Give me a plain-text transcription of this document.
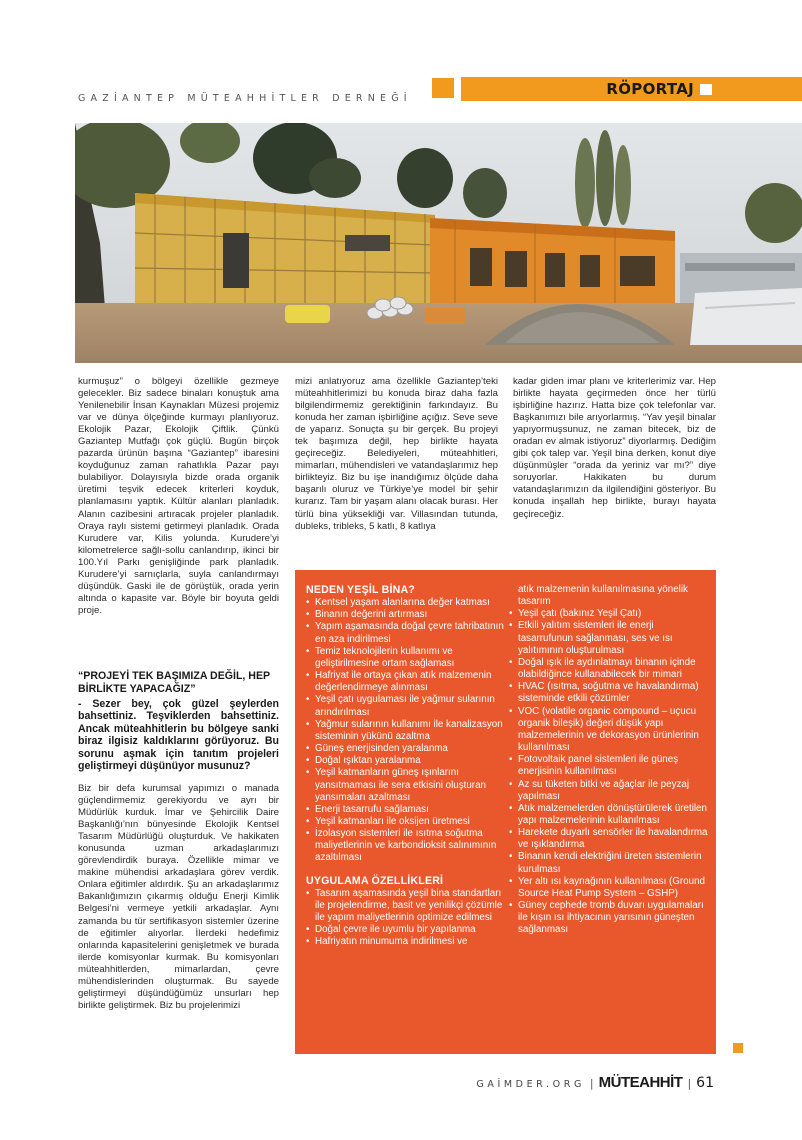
GAZİANTEP MÜTEAHHİTLER DERNEĞİ
RÖPORTAJ

kurmuşuz” o bölgeyi özellikle gezmeye gelecekler. Biz sadece binaları konuştuk ama Yenilenebilir İnsan Kaynakları Müzesi projemiz var ve dünya ölçeğinde kurmayı planlıyoruz. Ekolojik Pazar, Ekolojik Çiftlik. Çünkü Gaziantep Mutfağı çok güçlü. Bugün birçok pazarda ürünün başına “Gaziantep” ibaresini koyduğunuz zaman rahatlıkla Pazar payı bulabiliyor. Dolayısıyla bizde orada organik üretimi teşvik edecek kriterleri koyduk, planlamasını yaptık. Kültür alanları planladık. Alanın cazibesini artıracak projeler planladık. Oraya raylı sistemi getirmeyi planladık. Orada Kurudere var, Kilis yolunda. Kurudere’yi kilometrelerce sağlı-sollu canlandırıp, ikinci bir 100.Yıl Parkı genişliğinde park planladık. Kurudere’yi sarnıçlarla, suyla canlandırmayı düşündük. Gaski ile de görüştük, orada yerin altında o kapasite var. Böyle bir boyuta geldi proje.

“PROJEYİ TEK BAŞIMIZA DEĞİL, HEP BİRLİKTE YAPACAĞIZ”
- Sezer bey, çok güzel şeylerden bahsettiniz. Teşviklerden bahsettiniz. Ancak müteahhitlerin bu bölgeye sanki biraz ilgisiz kaldıklarını görüyoruz. Bu sorunu aşmak için tanıtım projeleri geliştirmeyi düşünüyor musunuz?

Biz bir defa kurumsal yapımızı o manada güçlendirmemiz gerekiyordu ve ayrı bir Müdürlük kurduk. İmar ve Şehircilik Daire Başkanlığı’nın bünyesinde Ekolojik Kentsel Tasarım Müdürlüğü oluşturduk. Ve hakikaten konusunda uzman arkadaşlarımızı görevlendirdik buraya. Özellikle mimar ve makine mühendisi arkadaşlara görev verdik. Onlara eğitimler aldırdık. Şu an arkadaşlarımız Bakanlığımızın çıkarmış olduğu Enerji Kimlik Belgesi’ni vermeye yetkili arkadaşlar. Aynı zamanda bu tür sertifikasyon sistemler üzerine de eğitimler alıyorlar. İlerdeki hedefimiz onlarında kapasitelerini genişletmek ve burada ilerde komisyonlar kurmak. Bu komisyonları müteahhitlerden, mimarlardan, çevre mühendislerinden oluşturmak. Bu sayede geliştirmeyi düşündüğümüz unsurları hep birlikte geliştirmek. Biz bu projelerimizi

mizi anlatıyoruz ama özellikle Gaziantep’teki müteahhitlerimizi bu konuda biraz daha fazla bilgilendirmemiz gerektiğinin farkındayız. Bu konuda her zaman işbirliğine açığız. Seve seve de yaparız. Sonuçta şu bir gerçek. Bu projeyi tek başımıza değil, hep birlikte hayata geçireceğiz. Belediyeleri, müteahhitleri, mimarları, mühendisleri ve vatandaşlarımız hep birlikteyiz. Biz bu işe inandığımız ölçüde daha başarılı oluruz ve Türkiye’ye model bir şehir kurarız. Tam bir yaşam alanı olacak burası. Her türlü bina yüksekliği var. Villasından tutunda, dubleks, tribleks, 5 katlı, 8 katlıya

kadar giden imar planı ve kriterlerimiz var. Hep birlikte hayata geçirmeden önce her türlü işbirliğine hazırız. Hatta bize çok telefonlar var. Başkanımızı bile arıyorlarmış. “Yav yeşil binalar yapıyormuşsunuz, ne zaman bitecek, biz de oradan ev almak istiyoruz” diyorlarmış. Dediğim gibi çok talep var. Yeşil bina derken, konut diye düşünmüşler “orada da yeriniz var mı?” diye soruyorlar. Hakikaten bu durum vatandaşlarımızın da ilgilendiğini gösteriyor. Bu konuda inşallah hep birlikte, burayı hayata geçireceğiz.

NEDEN YEŞİL BİNA?
• Kentsel yaşam alanlarına değer katması
• Binanın değerini artırması
• Yapım aşamasında doğal çevre tahribatının en aza indirilmesi
• Temiz teknolojilerin kullanımı ve geliştirilmesine ortam sağlaması
• Hafriyat ile ortaya çıkan atık malzemenin değerlendirmeye alınması
• Yeşil çatı uygulaması ile yağmur sularının arındırılması
• Yağmur sularının kullanımı ile kanalizasyon sisteminin yükünü azaltma
• Güneş enerjisinden yaralanma
• Doğal ışıktan yaralanma
• Yeşil katmanların güneş ışınlarını yansıtmaması ile sera etkisini oluşturan yansımaları azaltması
• Enerji tasarrufu sağlaması
• Yeşil katmanları ile oksijen üretmesi
• İzolasyon sistemleri ile ısıtma soğutma maliyetlerinin ve karbondioksit salınımının azaltılması
UYGULAMA ÖZELLİKLERİ
• Tasarım aşamasında yeşil bina standartları ile projelendirme, basit ve yenilikçi çözümle ile yapım maliyetlerinin optimize edilmesi
• Doğal çevre ile uyumlu bir yapılanma
• Hafriyatın minumuma indirilmesi ve
atık malzemenin kullanılmasına yönelik tasarım
• Yeşil çatı (bakınız Yeşil Çatı)
• Etkili yalıtım sistemleri ile enerji tasarrufunun sağlanması, ses ve ısı yalıtımının oluşturulması
• Doğal ışık ile aydınlatmayı binanın içinde olabildiğince kullanabilecek bir mimari
• HVAC (ısıtma, soğutma ve havalandırma) sisteminde etkili çözümler
• VOC (volatile organic compound – uçucu organik bileşik) değeri düşük yapı malzemelerinin ve dekorasyon ürünlerinin kullanılması
• Fotovoltaik panel sistemleri ile güneş enerjisinin kullanılması
• Az su tüketen bitki ve ağaçlar ile peyzaj yapılması
• Atık malzemelerden dönüştürülerek üretilen yapı malzemelerinin kullanılması
• Harekete duyarlı sensörler ile havalandırma ve ışıklandırma
• Binanın kendi elektriğini üreten sistemlerin kurulması
• Yer altı ısı kaynağının kullanılması (Ground Source Heat Pump System – GSHP)
• Güney cephede tromb duvarı uygulamaları ile kışın ısı ihtiyacının yarısının güneşten sağlanması
GAİMDER.ORG | MÜTEAHHİT | 61
